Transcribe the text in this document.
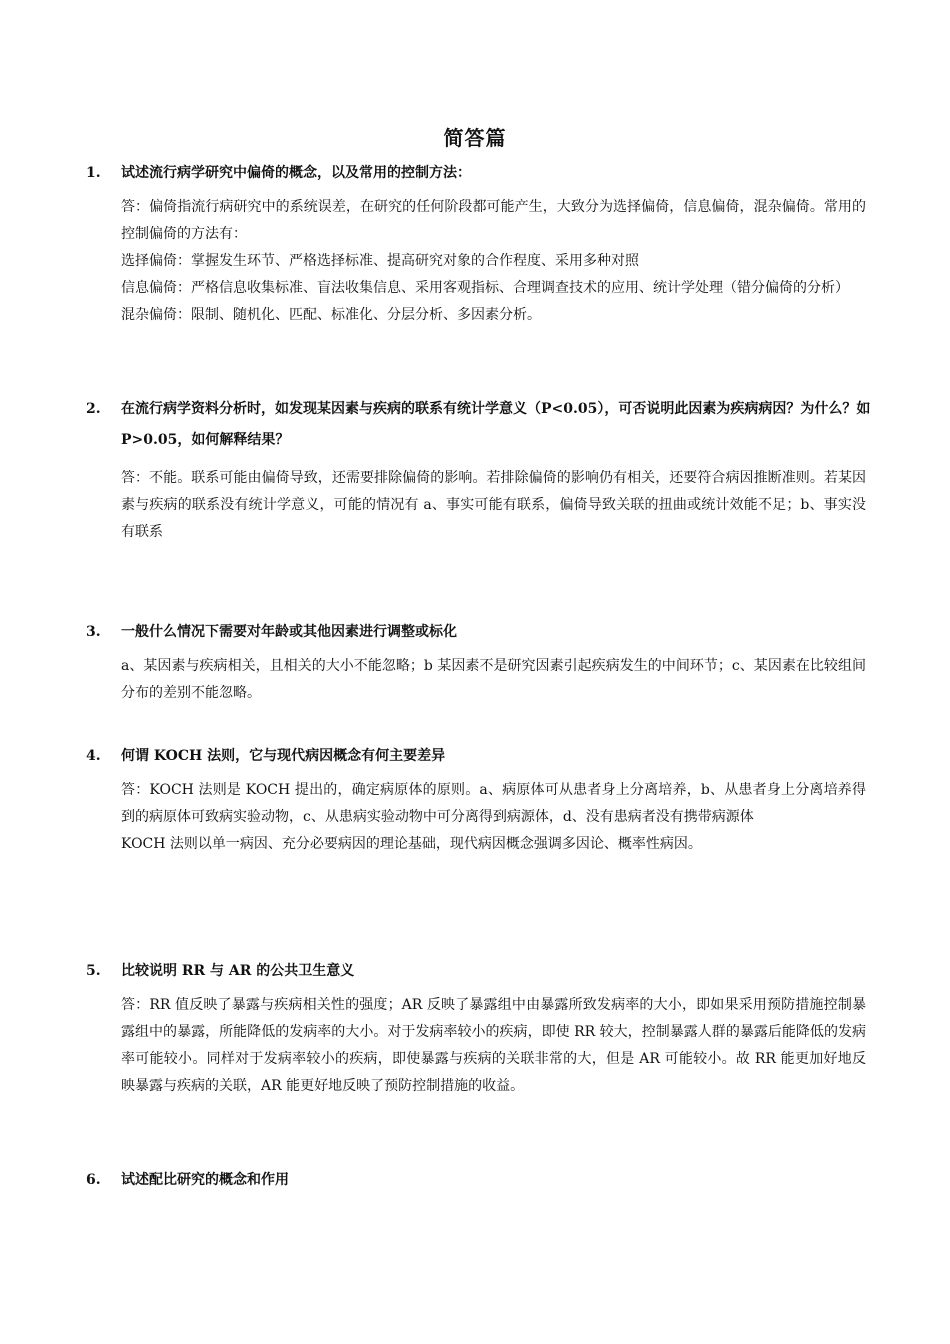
简答篇
1.	试述流行病学研究中偏倚的概念，以及常用的控制方法：
答：偏倚指流行病研究中的系统误差，在研究的任何阶段都可能产生，大致分为选择偏倚，信息偏倚，混杂偏倚。常用的控制偏倚的方法有：
选择偏倚：掌握发生环节、严格选择标准、提高研究对象的合作程度、采用多种对照
信息偏倚：严格信息收集标准、盲法收集信息、采用客观指标、合理调查技术的应用、统计学处理（错分偏倚的分析）
混杂偏倚：限制、随机化、匹配、标准化、分层分析、多因素分析。
2.	在流行病学资料分析时，如发现某因素与疾病的联系有统计学意义（P<0.05），可否说明此因素为疾病病因？为什么？如 P>0.05，如何解释结果？
答：不能。联系可能由偏倚导致，还需要排除偏倚的影响。若排除偏倚的影响仍有相关，还要符合病因推断准则。若某因素与疾病的联系没有统计学意义，可能的情况有 a、事实可能有联系，偏倚导致关联的扭曲或统计效能不足；b、事实没有联系
3.	一般什么情况下需要对年龄或其他因素进行调整或标化
a、某因素与疾病相关，且相关的大小不能忽略；b 某因素不是研究因素引起疾病发生的中间环节；c、某因素在比较组间分布的差别不能忽略。
4.	何谓 KOCH 法则，它与现代病因概念有何主要差异
答：KOCH 法则是 KOCH 提出的，确定病原体的原则。a、病原体可从患者身上分离培养，b、从患者身上分离培养得到的病原体可致病实验动物，c、从患病实验动物中可分离得到病源体，d、没有患病者没有携带病源体
KOCH 法则以单一病因、充分必要病因的理论基础，现代病因概念强调多因论、概率性病因。
5.	比较说明 RR 与 AR 的公共卫生意义
答：RR 值反映了暴露与疾病相关性的强度；AR 反映了暴露组中由暴露所致发病率的大小，即如果采用预防措施控制暴露组中的暴露，所能降低的发病率的大小。对于发病率较小的疾病，即使 RR 较大，控制暴露人群的暴露后能降低的发病率可能较小。同样对于发病率较小的疾病，即使暴露与疾病的关联非常的大，但是 AR 可能较小。故 RR 能更加好地反映暴露与疾病的关联，AR 能更好地反映了预防控制措施的收益。
6.	试述配比研究的概念和作用
